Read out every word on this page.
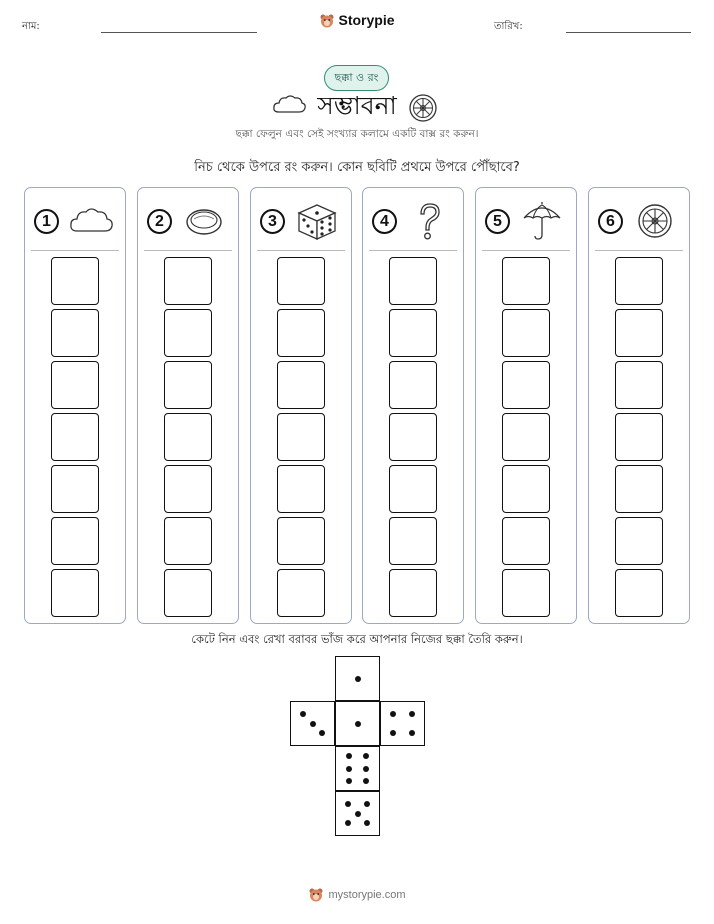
নাম:	Storypie	তারিখ:
ছক্কা ও রং
সম্ভাবনা
ছক্কা ফেলুন এবং সেই সংখ্যার কলামে একটি বাক্স রং করুন।
নিচ থেকে উপরে রং করুন। কোন ছবিটি প্রথমে উপরে পৌঁছাবে?
1	2	3	4	5	6
কেটে নিন এবং রেখা বরাবর ভাঁজ করে আপনার নিজের ছক্কা তৈরি করুন।
mystorypie.com
